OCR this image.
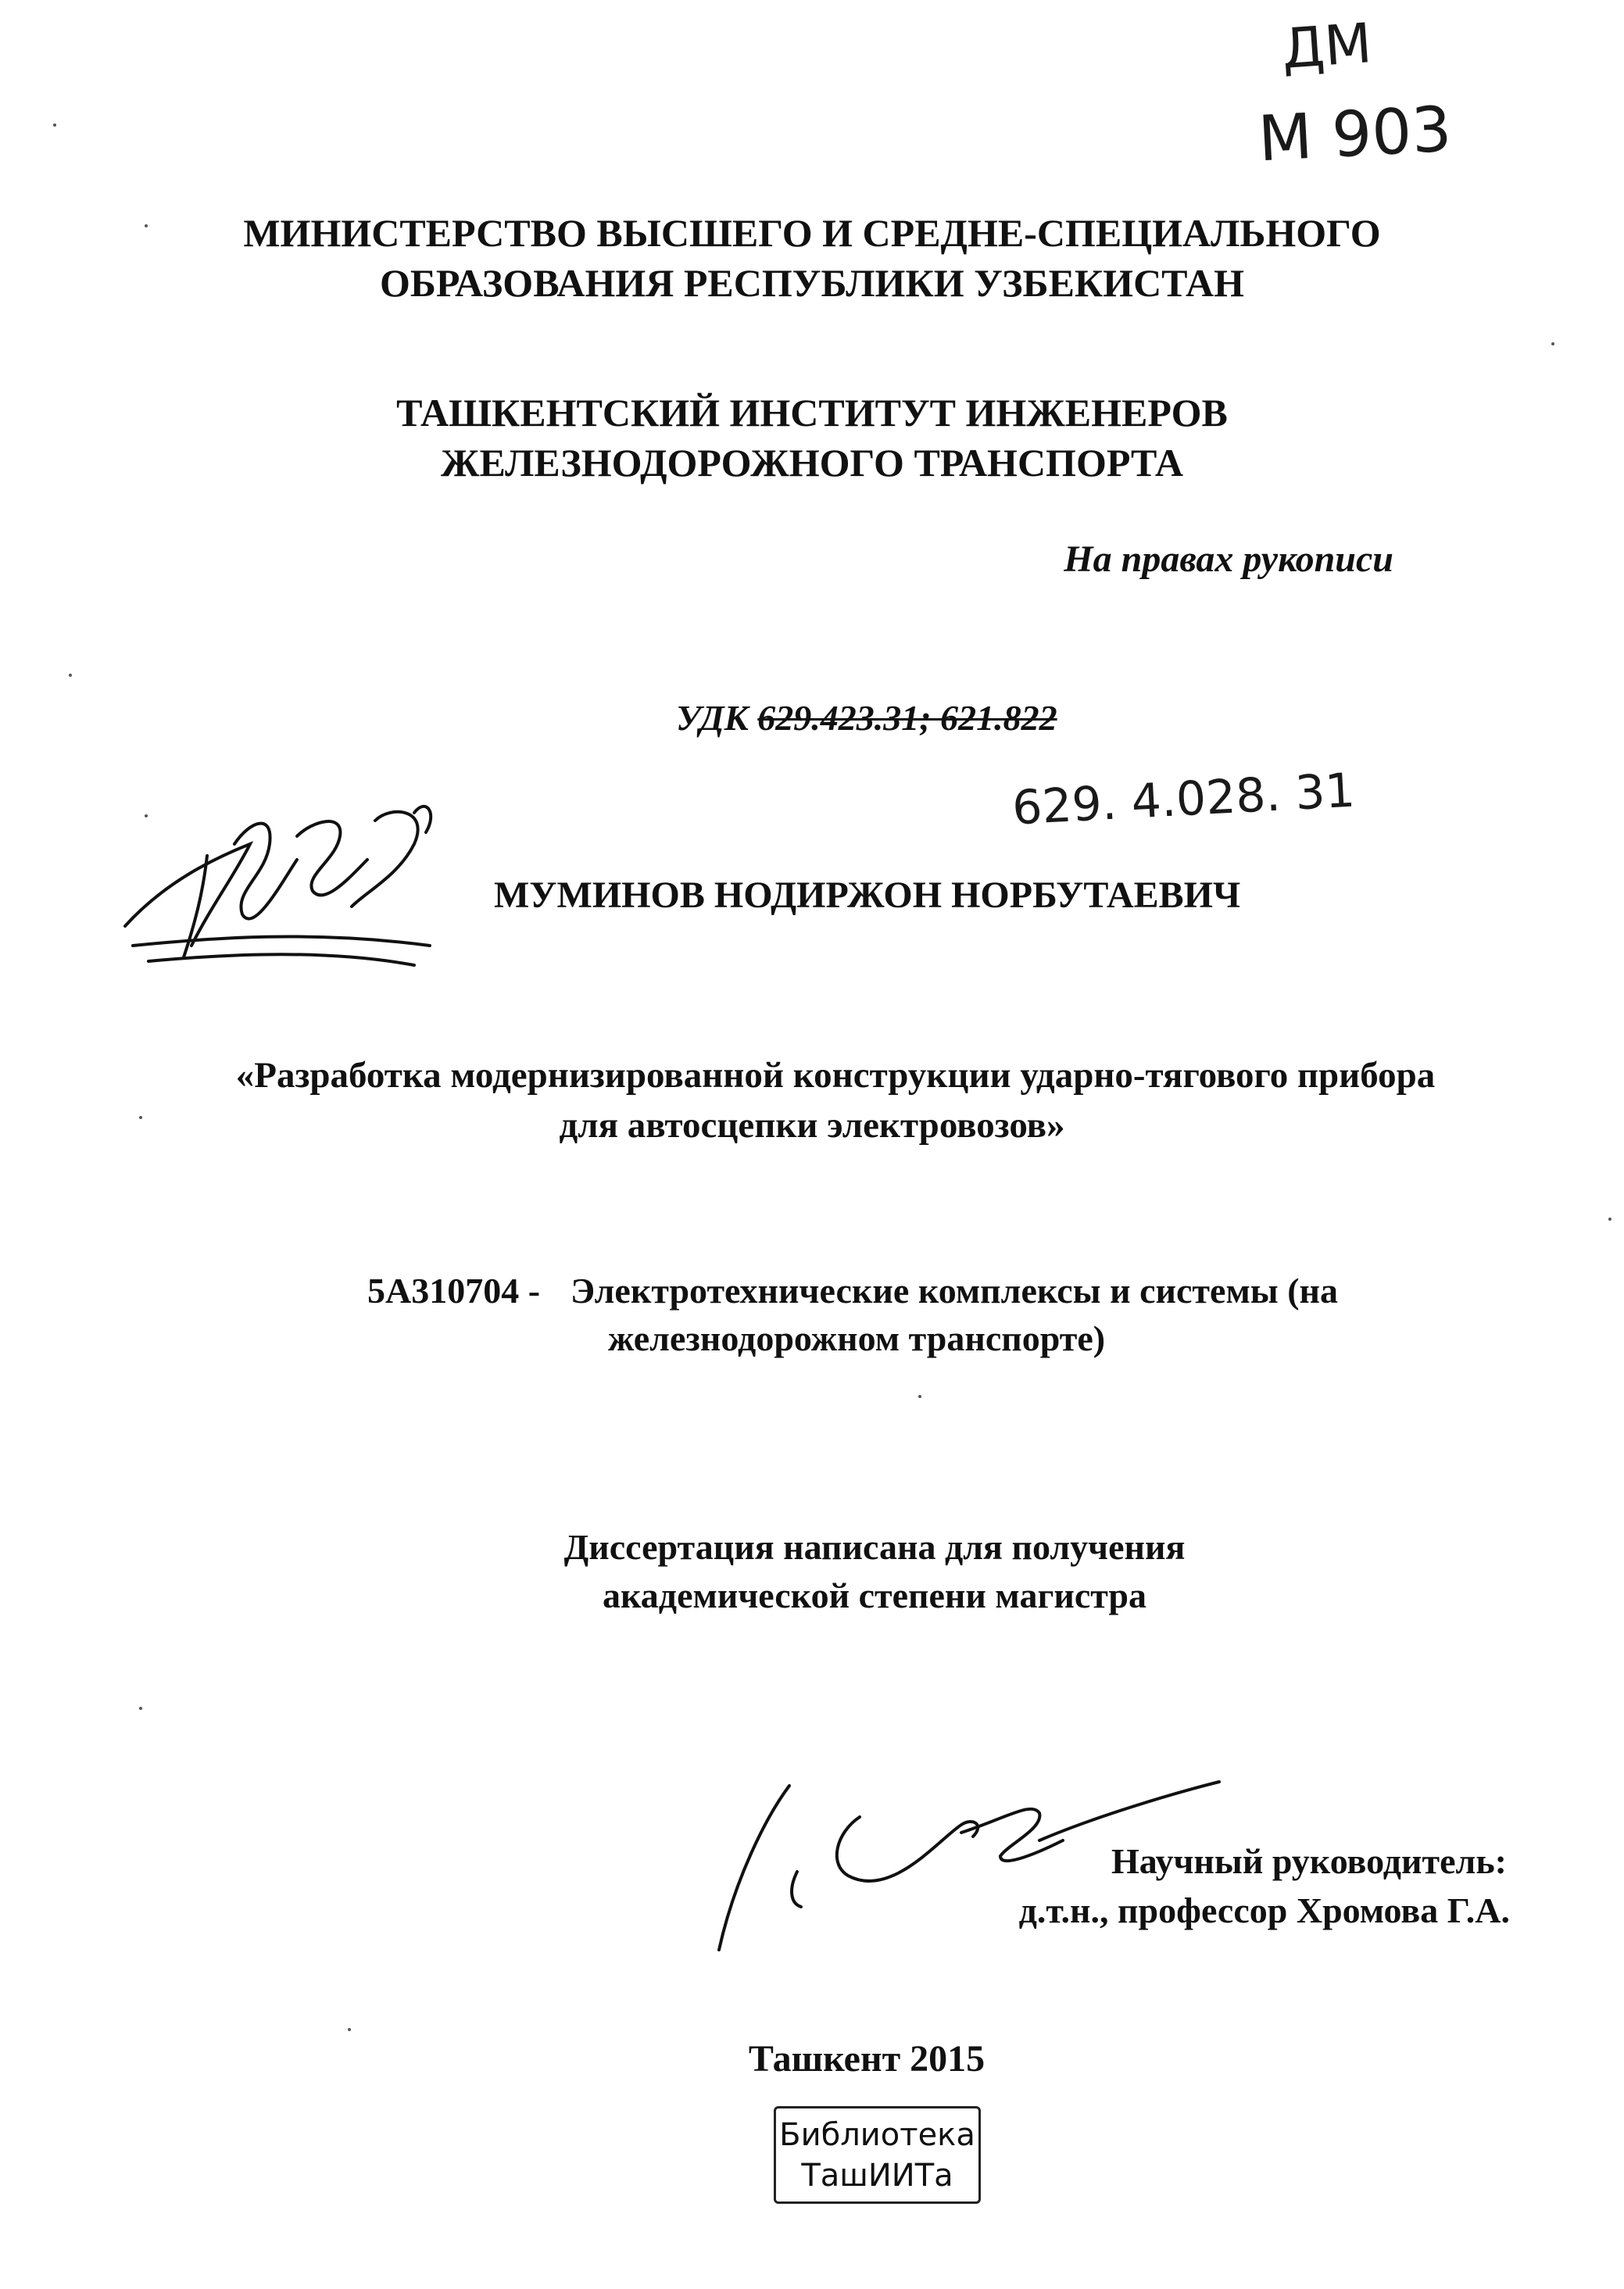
ДМ
М 903
МИНИСТЕРСТВО ВЫСШЕГО И СРЕДНЕ-СПЕЦИАЛЬНОГО
ОБРАЗОВАНИЯ РЕСПУБЛИКИ УЗБЕКИСТАН
ТАШКЕНТСКИЙ ИНСТИТУТ ИНЖЕНЕРОВ
ЖЕЛЕЗНОДОРОЖНОГО ТРАНСПОРТА
На правах рукописи
УДК 629.423.31; 621.822
629. 4.028. 31
МУМИНОВ НОДИРЖОН НОРБУТАЕВИЧ
«Разработка модернизированной конструкции ударно-тягового прибора
для автосцепки электровозов»
5А310704 - Электротехнические комплексы и системы (на
железнодорожном транспорте)
Диссертация написана для получения
академической степени магистра
Научный руководитель:
д.т.н., профессор Хромова Г.А.
Ташкент 2015
Библиотека
ТашИИТа
